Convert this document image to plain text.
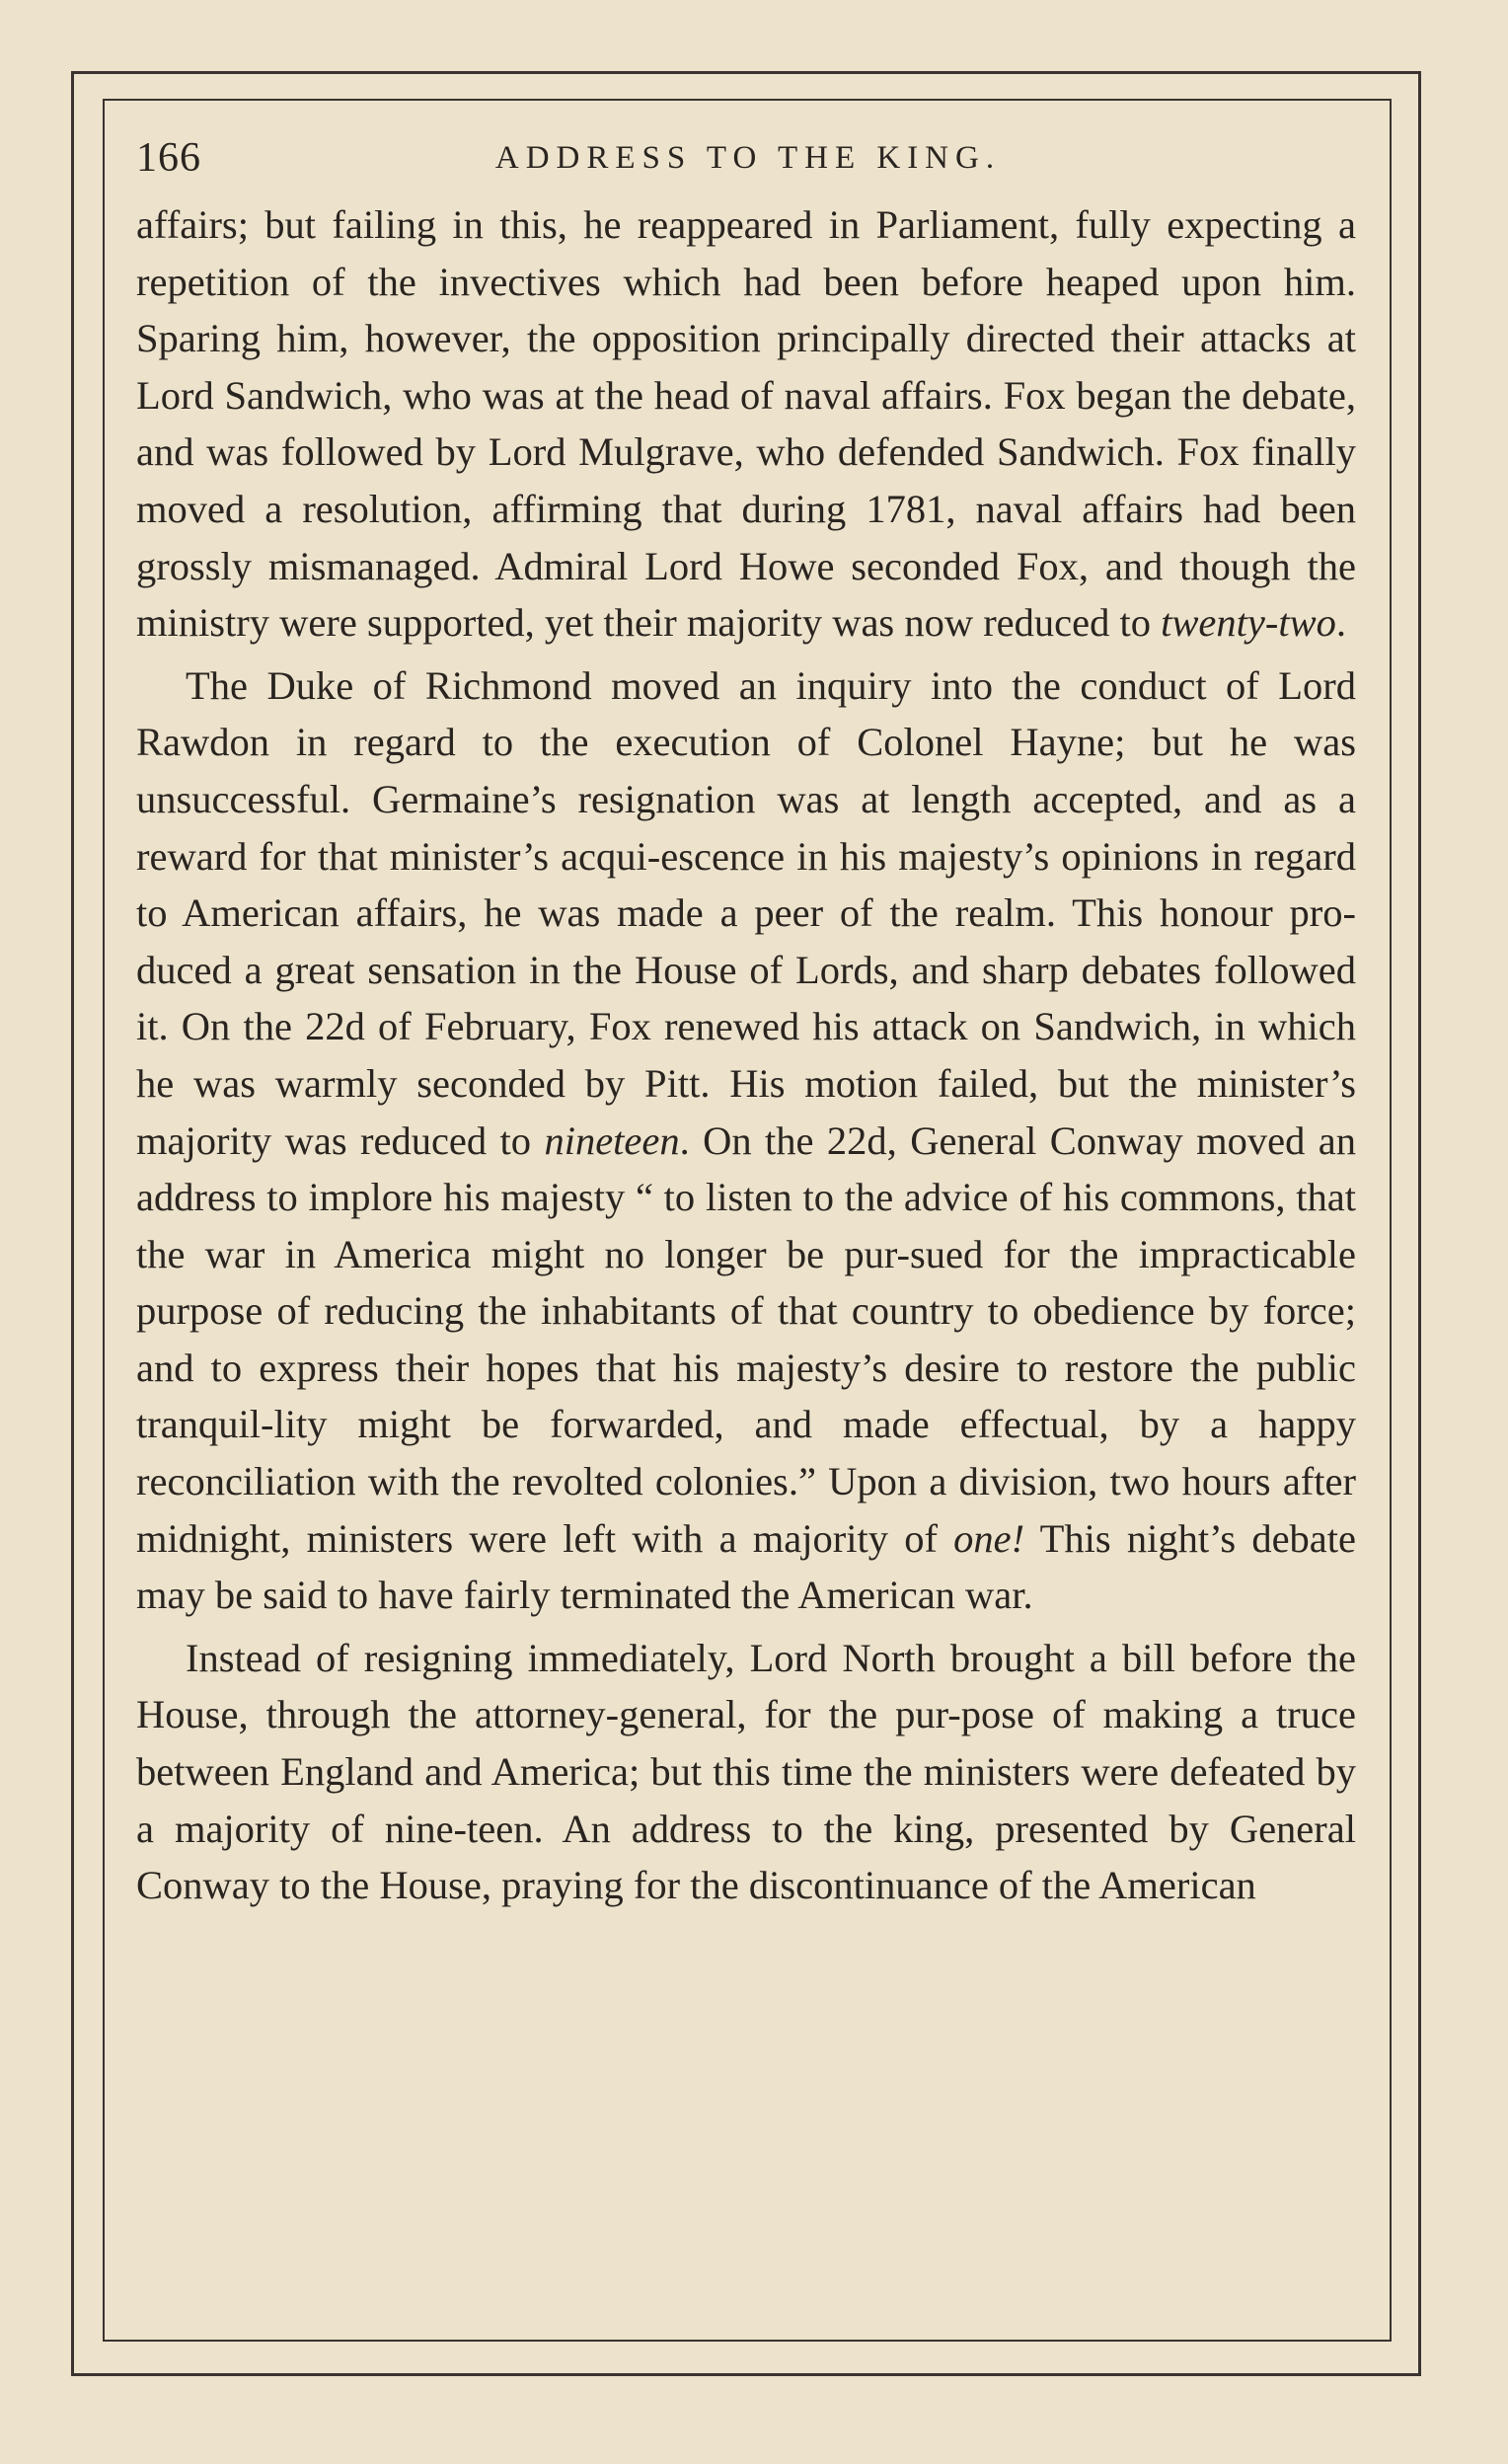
166	ADDRESS TO THE KING.

affairs; but failing in this, he reappeared in Parliament, fully expecting a repetition of the invectives which had been before heaped upon him. Sparing him, however, the opposition principally directed their attacks at Lord Sandwich, who was at the head of naval affairs. Fox began the debate, and was followed by Lord Mulgrave, who defended Sandwich. Fox finally moved a resolution, affirming that during 1781, naval affairs had been grossly mismanaged. Admiral Lord Howe seconded Fox, and though the ministry were supported, yet their majority was now reduced to twenty-two.

The Duke of Richmond moved an inquiry into the conduct of Lord Rawdon in regard to the execution of Colonel Hayne; but he was unsuccessful. Germaine’s resignation was at length accepted, and as a reward for that minister’s acqui-escence in his majesty’s opinions in regard to American affairs, he was made a peer of the realm. This honour pro-duced a great sensation in the House of Lords, and sharp debates followed it. On the 22d of February, Fox renewed his attack on Sandwich, in which he was warmly seconded by Pitt. His motion failed, but the minister’s majority was reduced to nineteen. On the 22d, General Conway moved an address to implore his majesty “ to listen to the advice of his commons, that the war in America might no longer be pur-sued for the impracticable purpose of reducing the inhabitants of that country to obedience by force; and to express their hopes that his majesty’s desire to restore the public tranquil-lity might be forwarded, and made effectual, by a happy reconciliation with the revolted colonies.” Upon a division, two hours after midnight, ministers were left with a majority of one! This night’s debate may be said to have fairly terminated the American war.

Instead of resigning immediately, Lord North brought a bill before the House, through the attorney-general, for the pur-pose of making a truce between England and America; but this time the ministers were defeated by a majority of nine-teen. An address to the king, presented by General Conway to the House, praying for the discontinuance of the American
